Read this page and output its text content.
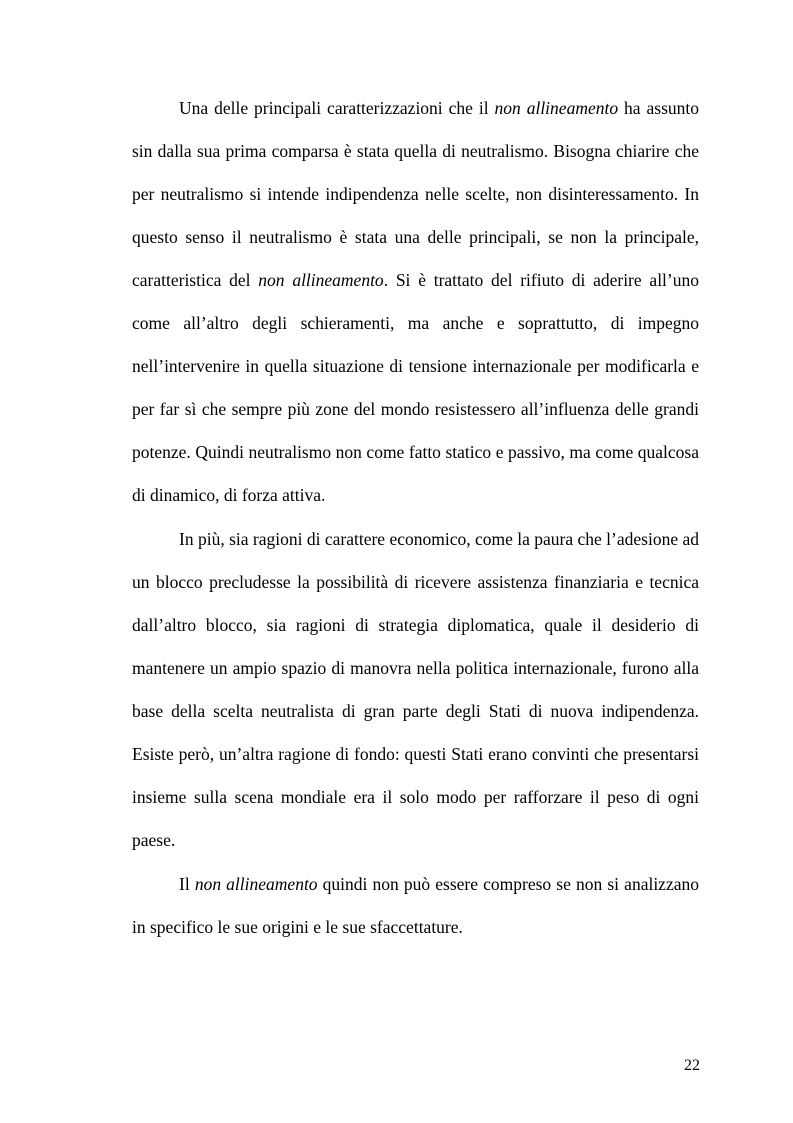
Una delle principali caratterizzazioni che il non allineamento ha assunto sin dalla sua prima comparsa è stata quella di neutralismo. Bisogna chiarire che per neutralismo si intende indipendenza nelle scelte, non disinteressamento. In questo senso il neutralismo è stata una delle principali, se non la principale, caratteristica del non allineamento. Si è trattato del rifiuto di aderire all’uno come all’altro degli schieramenti, ma anche e soprattutto, di impegno nell’intervenire in quella situazione di tensione internazionale per modificarla e per far sì che sempre più zone del mondo resistessero all’influenza delle grandi potenze. Quindi neutralismo non come fatto statico e passivo, ma come qualcosa di dinamico, di forza attiva.

In più, sia ragioni di carattere economico, come la paura che l’adesione ad un blocco precludesse la possibilità di ricevere assistenza finanziaria e tecnica dall’altro blocco, sia ragioni di strategia diplomatica, quale il desiderio di mantenere un ampio spazio di manovra nella politica internazionale, furono alla base della scelta neutralista di gran parte degli Stati di nuova indipendenza. Esiste però, un’altra ragione di fondo: questi Stati erano convinti che presentarsi insieme sulla scena mondiale era il solo modo per rafforzare il peso di ogni paese.

Il non allineamento quindi non può essere compreso se non si analizzano in specifico le sue origini e le sue sfaccettature.

22
